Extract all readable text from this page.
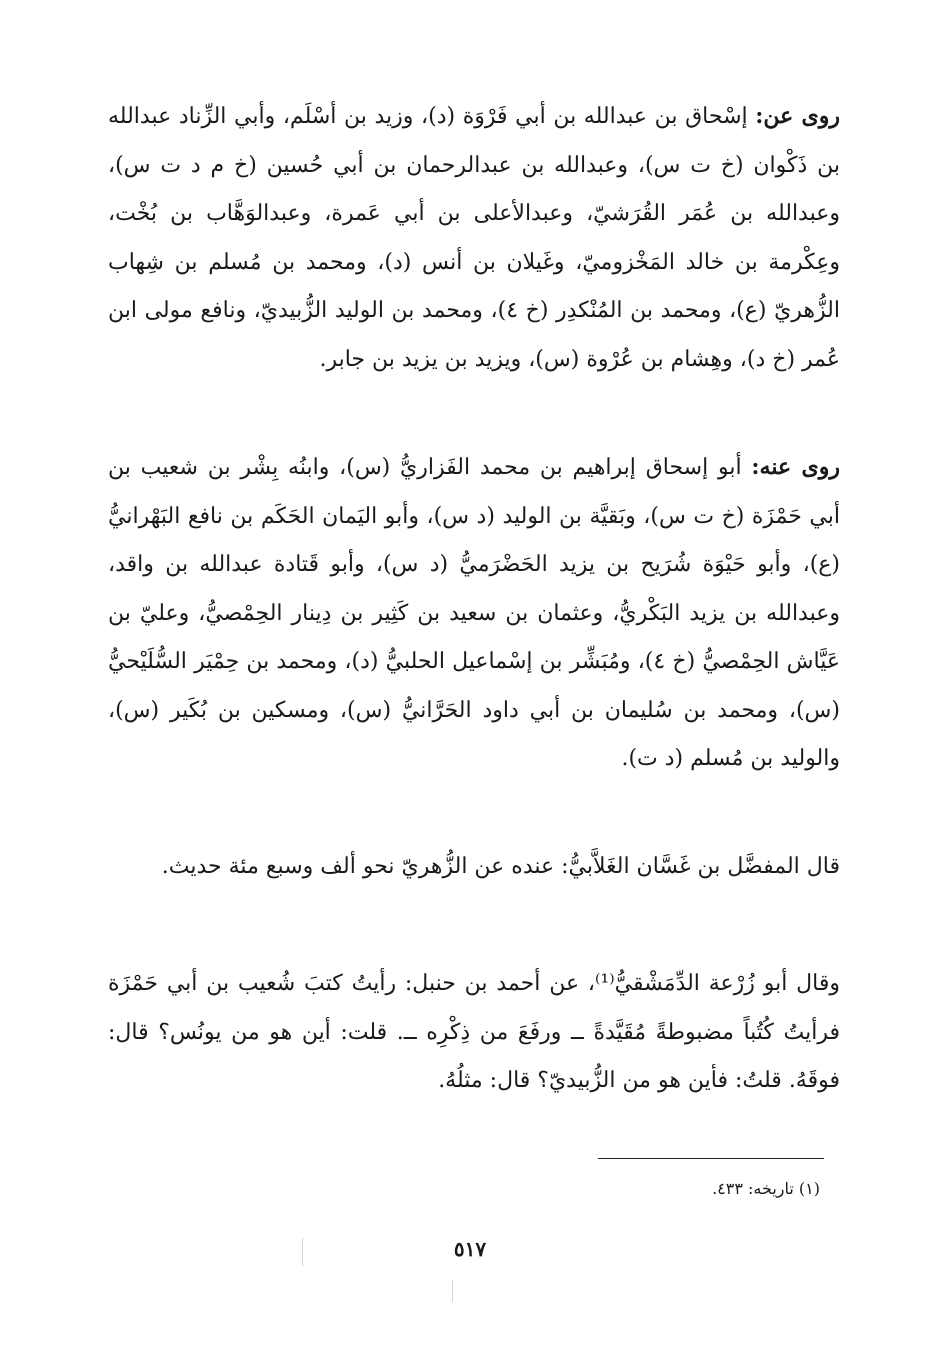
روى عن: إسْحاق بن عبدالله بن أبي فَرْوَة (د)، وزيد بن أسْلَم، وأبي الزِّناد عبدالله بن ذَكْوان (خ ت س)، وعبدالله بن عبدالرحمان بن أبي حُسين (خ م د ت س)، وعبدالله بن عُمَر القُرَشيّ، وعبدالأعلى بن أبي عَمرة، وعبدالوَهَّاب بن بُخْت، وعِكْرمة بن خالد المَخْزوميّ، وغَيلان بن أنس (د)، ومحمد بن مُسلم بن شِهاب الزُّهريّ (ع)، ومحمد بن المُنْكدِر (خ ٤)، ومحمد بن الوليد الزُّبيديّ، ونافع مولى ابن عُمر (خ د)، وهِشام بن عُرْوة (س)، ويزيد بن يزيد بن جابر.

روى عنه: أبو إسحاق إبراهيم بن محمد الفَزاريُّ (س)، وابنُه بِشْر بن شعيب بن أبي حَمْزَة (خ ت س)، وبَقيَّة بن الوليد (د س)، وأبو اليَمان الحَكَم بن نافع البَهْرانيُّ (ع)، وأبو حَيْوَة شُرَيح بن يزيد الحَضْرَميُّ (د س)، وأبو قَتادة عبدالله بن واقد، وعبدالله بن يزيد البَكْريُّ، وعثمان بن سعيد بن كَثِير بن دِينار الحِمْصيُّ، وعليّ بن عَيَّاش الحِمْصيُّ (خ ٤)، ومُبَشِّر بن إسْماعيل الحلبيُّ (د)، ومحمد بن حِمْيَر السُّلَيْحيُّ (س)، ومحمد بن سُليمان بن أبي داود الحَرَّانيُّ (س)، ومسكين بن بُكَير (س)، والوليد بن مُسلم (د ت).

قال المفضَّل بن غَسَّان الغَلاَّبيُّ: عنده عن الزُّهريّ نحو ألف وسبع مئة حديث.

وقال أبو زُرْعة الدِّمَشْقيُّ⁽¹⁾، عن أحمد بن حنبل: رأيتُ كتبَ شُعيب بن أبي حَمْزَة فرأيتُ كُتُباً مضبوطةً مُقَيَّدةً ــ ورفَعَ من ذِكْرِه ــ. قلت: أين هو من يونُس؟ قال: فوقَهُ. قلتُ: فأين هو من الزُّبيديّ؟ قال: مثلُهُ.

(١) تاريخه: ٤٣٣.
٥١٧
